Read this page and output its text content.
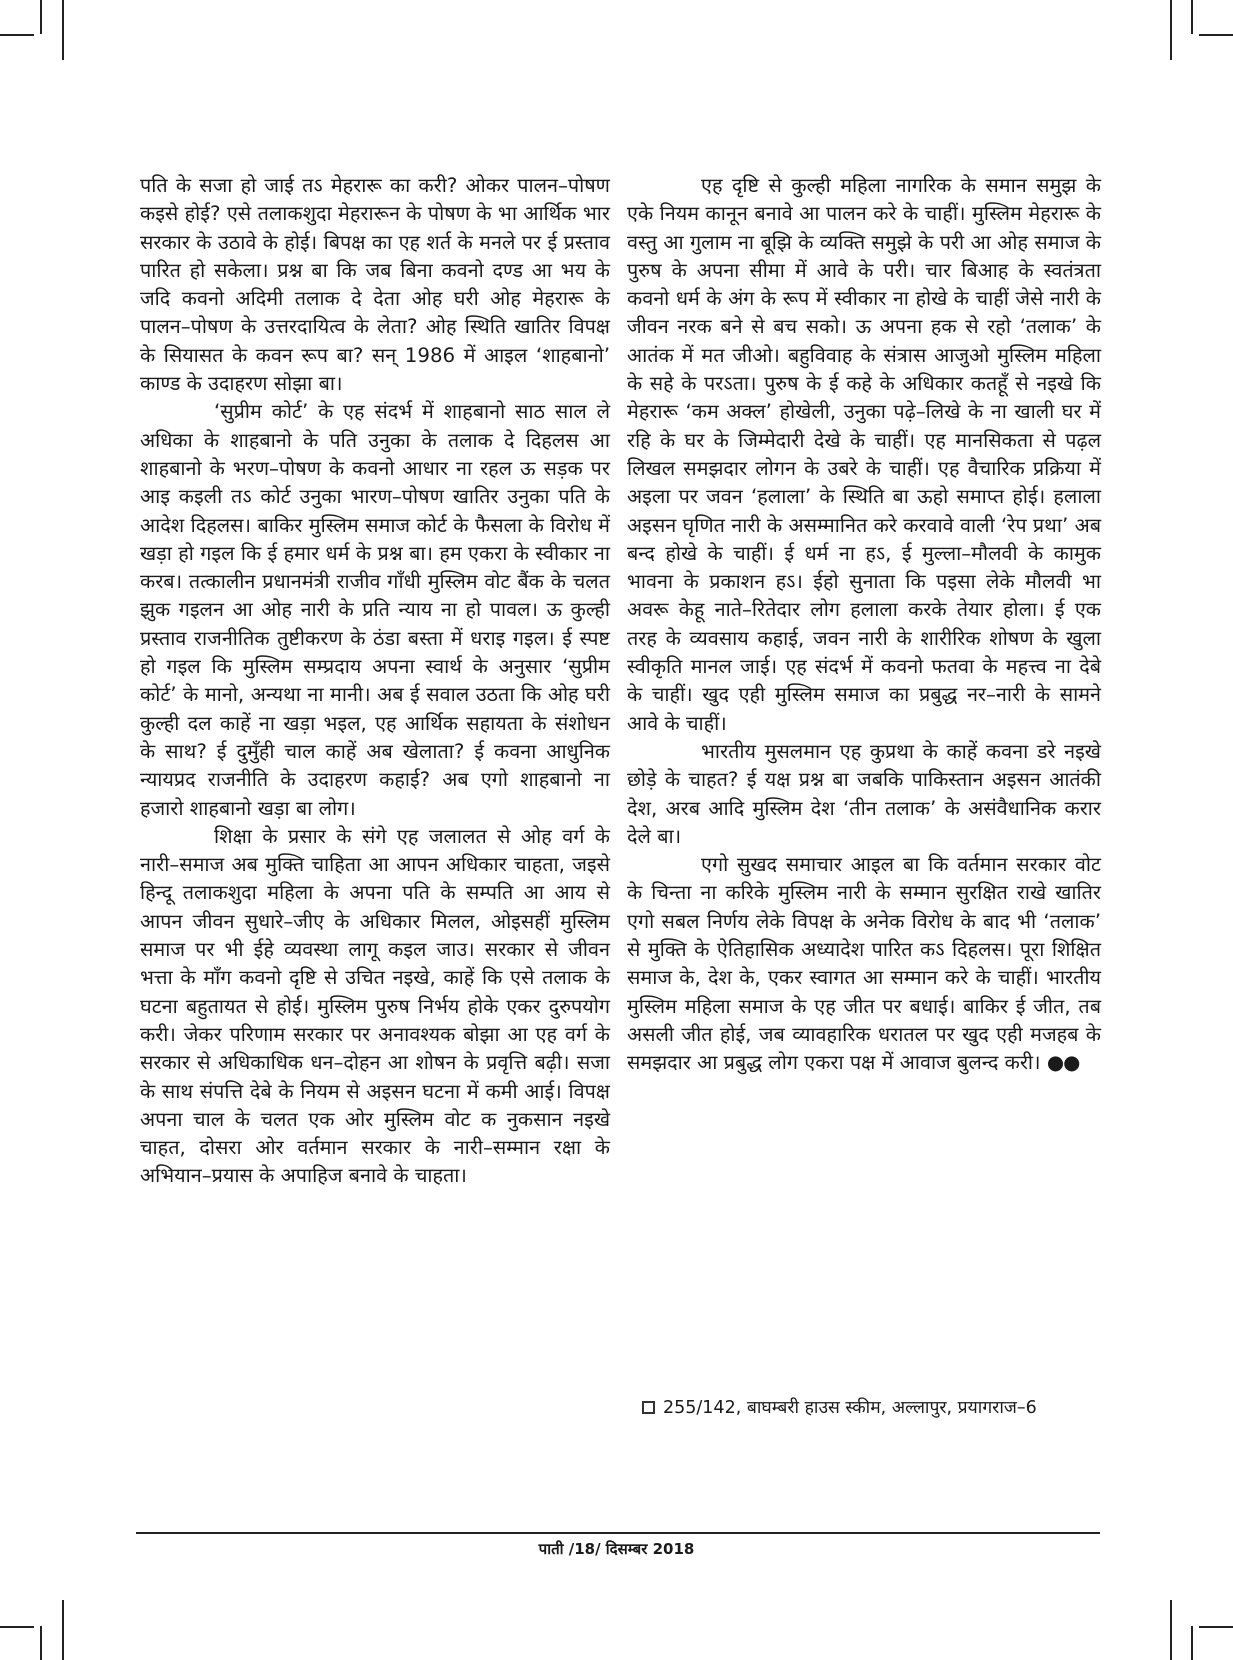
पति के सजा हो जाई तऽ मेहरारू का करी? ओकर पालन–पोषण कइसे होई? एसे तलाकशुदा मेहरारून के पोषण के भा आर्थिक भार सरकार के उठावे के होई। बिपक्ष का एह शर्त के मनले पर ई प्रस्ताव पारित हो सकेला। प्रश्न बा कि जब बिना कवनो दण्ड आ भय के जदि कवनो अदिमी तलाक दे देता ओह घरी ओह मेहरारू के पालन–पोषण के उत्तरदायित्व के लेता? ओह स्थिति खातिर विपक्ष के सियासत के कवन रूप बा? सन् 1986 में आइल ‘शाहबानो’ काण्ड के उदाहरण सोझा बा।

‘सुप्रीम कोर्ट’ के एह संदर्भ में शाहबानो साठ साल ले अधिका के शाहबानो के पति उनुका के तलाक दे दिहलस आ शाहबानो के भरण–पोषण के कवनो आधार ना रहल ऊ सड़क पर आइ कइली तऽ कोर्ट उनुका भारण–पोषण खातिर उनुका पति के आदेश दिहलस। बाकिर मुस्लिम समाज कोर्ट के फैसला के विरोध में खड़ा हो गइल कि ई हमार धर्म के प्रश्न बा। हम एकरा के स्वीकार ना करब। तत्कालीन प्रधानमंत्री राजीव गाँधी मुस्लिम वोट बैंक के चलत झुक गइलन आ ओह नारी के प्रति न्याय ना हो पावल। ऊ कुल्ही प्रस्ताव राजनीतिक तुष्टीकरण के ठंडा बस्ता में धराइ गइल। ई स्पष्ट हो गइल कि मुस्लिम सम्प्रदाय अपना स्वार्थ के अनुसार ‘सुप्रीम कोर्ट’ के मानो, अन्यथा ना मानी। अब ई सवाल उठता कि ओह घरी कुल्ही दल काहें ना खड़ा भइल, एह आर्थिक सहायता के संशोधन के साथ? ई दुमुँही चाल काहें अब खेलाता? ई कवना आधुनिक न्यायप्रद राजनीति के उदाहरण कहाई? अब एगो शाहबानो ना हजारो शाहबानो खड़ा बा लोग।

शिक्षा के प्रसार के संगे एह जलालत से ओह वर्ग के नारी–समाज अब मुक्ति चाहिता आ आपन अधिकार चाहता, जइसे हिन्दू तलाकशुदा महिला के अपना पति के सम्पति आ आय से आपन जीवन सुधारे–जीए के अधिकार मिलल, ओइसहीं मुस्लिम समाज पर भी ईहे व्यवस्था लागू कइल जाउ। सरकार से जीवन भत्ता के माँग कवनो दृष्टि से उचित नइखे, काहें कि एसे तलाक के घटना बहुतायत से होई। मुस्लिम पुरुष निर्भय होके एकर दुरुपयोग करी। जेकर परिणाम सरकार पर अनावश्यक बोझा आ एह वर्ग के सरकार से अधिकाधिक धन–दोहन आ शोषन के प्रवृत्ति बढ़ी। सजा के साथ संपत्ति देबे के नियम से अइसन घटना में कमी आई। विपक्ष अपना चाल के चलत एक ओर मुस्लिम वोट क नुकसान नइखे चाहत, दोसरा ओर वर्तमान सरकार के नारी–सम्मान रक्षा के अभियान–प्रयास के अपाहिज बनावे के चाहता।

एह दृष्टि से कुल्ही महिला नागरिक के समान समुझ के एके नियम कानून बनावे आ पालन करे के चाहीं। मुस्लिम मेहरारू के वस्तु आ गुलाम ना बूझि के व्यक्ति समुझे के परी आ ओह समाज के पुरुष के अपना सीमा में आवे के परी। चार बिआह के स्वतंत्रता कवनो धर्म के अंग के रूप में स्वीकार ना होखे के चाहीं जेसे नारी के जीवन नरक बने से बच सको। ऊ अपना हक से रहो ‘तलाक’ के आतंक में मत जीओ। बहुविवाह के संत्रास आजुओ मुस्लिम महिला के सहे के परऽता। पुरुष के ई कहे के अधिकार कतहूँ से नइखे कि मेहरारू ‘कम अक्ल’ होखेली, उनुका पढ़े–लिखे के ना खाली घर में रहि के घर के जिम्मेदारी देखे के चाहीं। एह मानसिकता से पढ़ल लिखल समझदार लोगन के उबरे के चाहीं। एह वैचारिक प्रक्रिया में अइला पर जवन ‘हलाला’ के स्थिति बा ऊहो समाप्त होई। हलाला अइसन घृणित नारी के असम्मानित करे करवावे वाली ‘रेप प्रथा’ अब बन्द होखे के चाहीं। ई धर्म ना हऽ, ई मुल्ला–मौलवी के कामुक भावना के प्रकाशन हऽ। ईहो सुनाता कि पइसा लेके मौलवी भा अवरू केहू नाते–रितेदार लोग हलाला करके तेयार होला। ई एक तरह के व्यवसाय कहाई, जवन नारी के शारीरिक शोषण के खुला स्वीकृति मानल जाई। एह संदर्भ में कवनो फतवा के महत्त्व ना देबे के चाहीं। खुद एही मुस्लिम समाज का प्रबुद्ध नर–नारी के सामने आवे के चाहीं।

भारतीय मुसलमान एह कुप्रथा के काहें कवना डरे नइखे छोड़े के चाहत? ई यक्ष प्रश्न बा जबकि पाकिस्तान अइसन आतंकी देश, अरब आदि मुस्लिम देश ‘तीन तलाक’ के असंवैधानिक करार देले बा।

एगो सुखद समाचार आइल बा कि वर्तमान सरकार वोट के चिन्ता ना करिके मुस्लिम नारी के सम्मान सुरक्षित राखे खातिर एगो सबल निर्णय लेके विपक्ष के अनेक विरोध के बाद भी ‘तलाक’ से मुक्ति के ऐतिहासिक अध्यादेश पारित कऽ दिहलस। पूरा शिक्षित समाज के, देश के, एकर स्वागत आ सम्मान करे के चाहीं। भारतीय मुस्लिम महिला समाज के एह जीत पर बधाई। बाकिर ई जीत, तब असली जीत होई, जब व्यावहारिक धरातल पर खुद एही मजहब के समझदार आ प्रबुद्ध लोग एकरा पक्ष में आवाज बुलन्द करी। ●●

255/142, बाघम्बरी हाउस स्कीम, अल्लापुर, प्रयागराज–6
पाती /18/ दिसम्बर 2018
